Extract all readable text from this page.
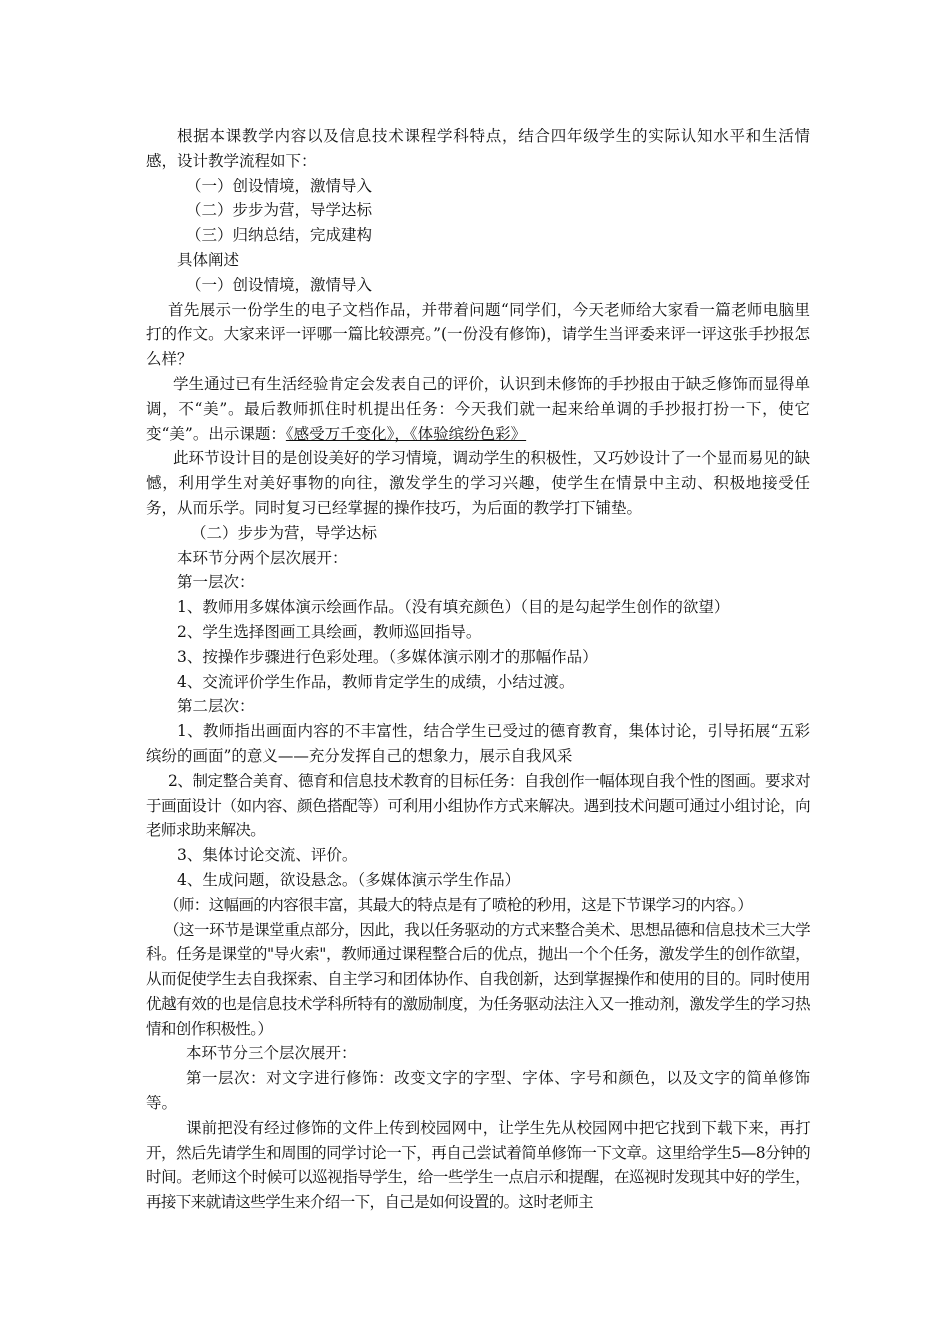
根据本课教学内容以及信息技术课程学科特点，结合四年级学生的实际认知水平和生活情感，设计教学流程如下：

（一）创设情境，激情导入

（二）步步为营，导学达标

（三）归纳总结，完成建构

具体阐述

（一）创设情境，激情导入

首先展示一份学生的电子文档作品，并带着问题“同学们，今天老师给大家看一篇老师电脑里打的作文。大家来评一评哪一篇比较漂亮。”(一份没有修饰)，请学生当评委来评一评这张手抄报怎么样？

学生通过已有生活经验肯定会发表自己的评价，认识到未修饰的手抄报由于缺乏修饰而显得单调，不“美”。最后教师抓住时机提出任务：今天我们就一起来给单调的手抄报打扮一下，使它变“美”。出示课题：《感受万千变化》，《体验缤纷色彩》

此环节设计目的是创设美好的学习情境，调动学生的积极性，又巧妙设计了一个显而易见的缺憾，利用学生对美好事物的向往，激发学生的学习兴趣，使学生在情景中主动、积极地接受任务，从而乐学。同时复习已经掌握的操作技巧，为后面的教学打下铺垫。

（二）步步为营，导学达标

本环节分两个层次展开：

第一层次：

1、教师用多媒体演示绘画作品。（没有填充颜色）（目的是勾起学生创作的欲望）

2、学生选择图画工具绘画，教师巡回指导。

3、按操作步骤进行色彩处理。（多媒体演示刚才的那幅作品）

4、交流评价学生作品，教师肯定学生的成绩，小结过渡。

第二层次：

1、教师指出画面内容的不丰富性，结合学生已受过的德育教育，集体讨论，引导拓展“五彩缤纷的画面”的意义——充分发挥自己的想象力，展示自我风采

2、制定整合美育、德育和信息技术教育的目标任务：自我创作一幅体现自我个性的图画。要求对于画面设计（如内容、颜色搭配等）可利用小组协作方式来解决。遇到技术问题可通过小组讨论，向老师求助来解决。

3、集体讨论交流、评价。

4、生成问题，欲设悬念。（多媒体演示学生作品）

（师：这幅画的内容很丰富，其最大的特点是有了喷枪的秒用，这是下节课学习的内容。）

（这一环节是课堂重点部分，因此，我以任务驱动的方式来整合美术、思想品德和信息技术三大学科。任务是课堂的"导火索"，教师通过课程整合后的优点，抛出一个个任务，激发学生的创作欲望，从而促使学生去自我探索、自主学习和团体协作、自我创新，达到掌握操作和使用的目的。同时使用优越有效的也是信息技术学科所特有的激励制度，为任务驱动法注入又一推动剂，激发学生的学习热情和创作积极性。）

本环节分三个层次展开：

第一层次：对文字进行修饰：改变文字的字型、字体、字号和颜色，以及文字的简单修饰等。

课前把没有经过修饰的文件上传到校园网中，让学生先从校园网中把它找到下载下来，再打开，然后先请学生和周围的同学讨论一下，再自己尝试着简单修饰一下文章。这里给学生5—8分钟的时间。老师这个时候可以巡视指导学生，给一些学生一点启示和提醒，在巡视时发现其中好的学生，再接下来就请这些学生来介绍一下，自己是如何设置的。这时老师主
